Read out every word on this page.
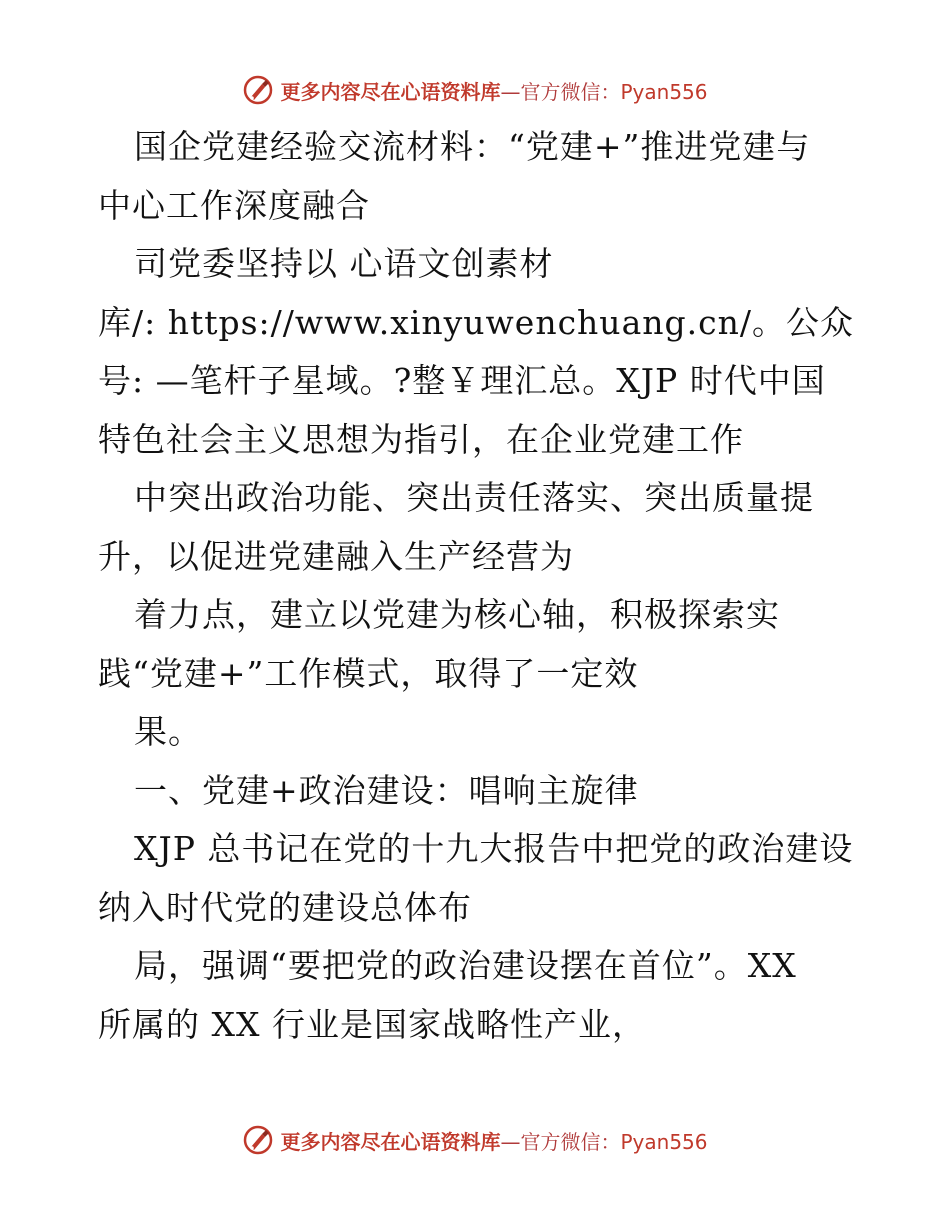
更多内容尽在心语资料库—官方微信：Pyan556
国企党建经验交流材料：“党建+”推进党建与
中心工作深度融合
司党委坚持以 心语文创素材
库/: https://www.xinyuwenchuang.cn/。公众
号: —笔杆子星域。?整￥理汇总。XJP 时代中国
特色社会主义思想为指引，在企业党建工作
中突出政治功能、突出责任落实、突出质量提
升，以促进党建融入生产经营为
着力点，建立以党建为核心轴，积极探索实
践“党建+”工作模式，取得了一定效
果。
一、党建+政治建设：唱响主旋律
XJP 总书记在党的十九大报告中把党的政治建设
纳入时代党的建设总体布
局，强调“要把党的政治建设摆在首位”。XX
所属的 XX 行业是国家战略性产业，
更多内容尽在心语资料库—官方微信：Pyan556
